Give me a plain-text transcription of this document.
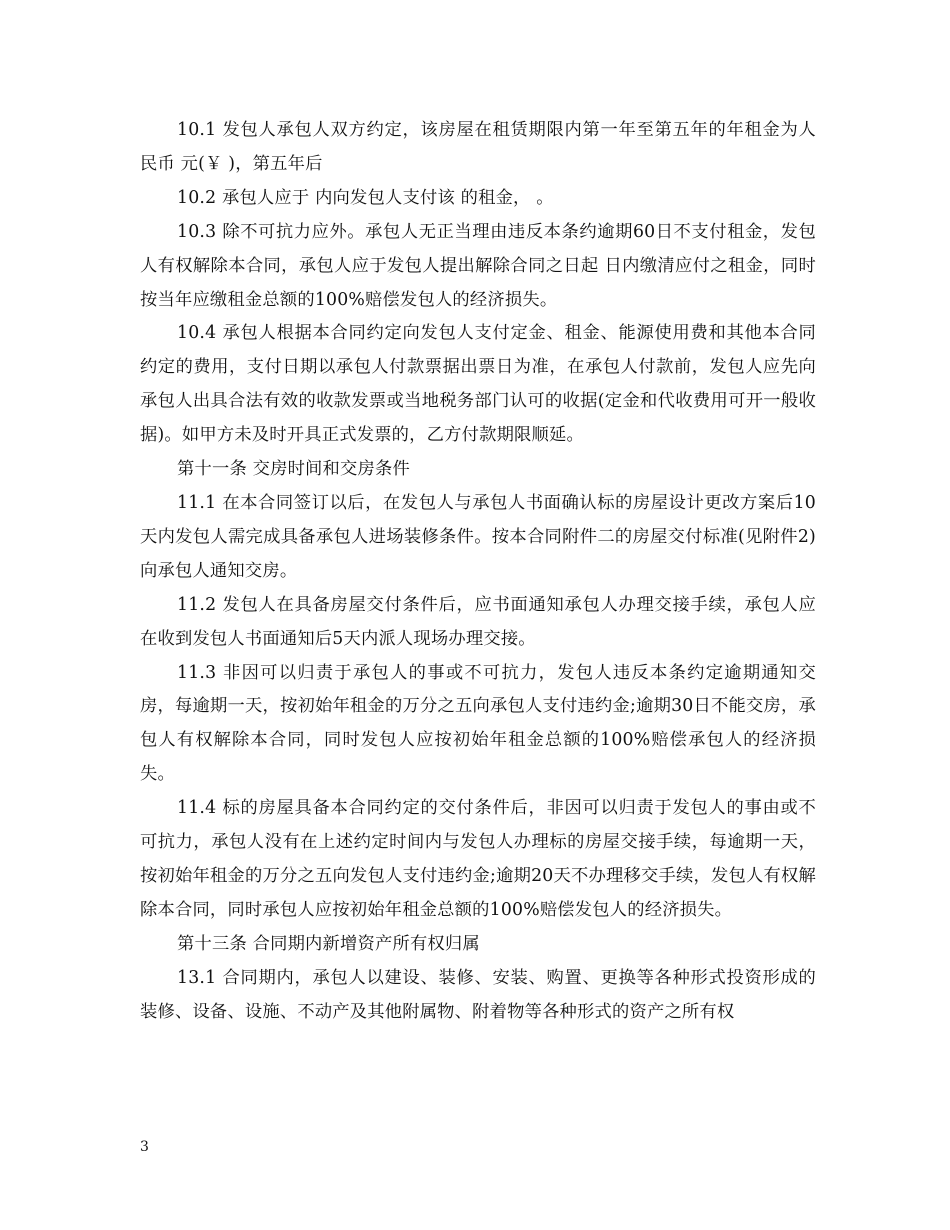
10.1 发包人承包人双方约定，该房屋在租赁期限内第一年至第五年的年租金为人民币 元(￥ )，第五年后

10.2 承包人应于 内向发包人支付该 的租金， 。

10.3 除不可抗力应外。承包人无正当理由违反本条约逾期60日不支付租金，发包人有权解除本合同，承包人应于发包人提出解除合同之日起 日内缴清应付之租金，同时按当年应缴租金总额的100%赔偿发包人的经济损失。

10.4 承包人根据本合同约定向发包人支付定金、租金、能源使用费和其他本合同约定的费用，支付日期以承包人付款票据出票日为准，在承包人付款前，发包人应先向承包人出具合法有效的收款发票或当地税务部门认可的收据(定金和代收费用可开一般收据)。如甲方未及时开具正式发票的，乙方付款期限顺延。

第十一条 交房时间和交房条件

11.1 在本合同签订以后，在发包人与承包人书面确认标的房屋设计更改方案后10天内发包人需完成具备承包人进场装修条件。按本合同附件二的房屋交付标准(见附件2)向承包人通知交房。

11.2 发包人在具备房屋交付条件后，应书面通知承包人办理交接手续，承包人应在收到发包人书面通知后5天内派人现场办理交接。

11.3 非因可以归责于承包人的事或不可抗力，发包人违反本条约定逾期通知交房，每逾期一天，按初始年租金的万分之五向承包人支付违约金;逾期30日不能交房，承包人有权解除本合同，同时发包人应按初始年租金总额的100%赔偿承包人的经济损失。

11.4 标的房屋具备本合同约定的交付条件后，非因可以归责于发包人的事由或不可抗力，承包人没有在上述约定时间内与发包人办理标的房屋交接手续，每逾期一天，按初始年租金的万分之五向发包人支付违约金;逾期20天不办理移交手续，发包人有权解除本合同，同时承包人应按初始年租金总额的100%赔偿发包人的经济损失。

第十三条 合同期内新增资产所有权归属

13.1 合同期内，承包人以建设、装修、安装、购置、更换等各种形式投资形成的装修、设备、设施、不动产及其他附属物、附着物等各种形式的资产之所有权

3
